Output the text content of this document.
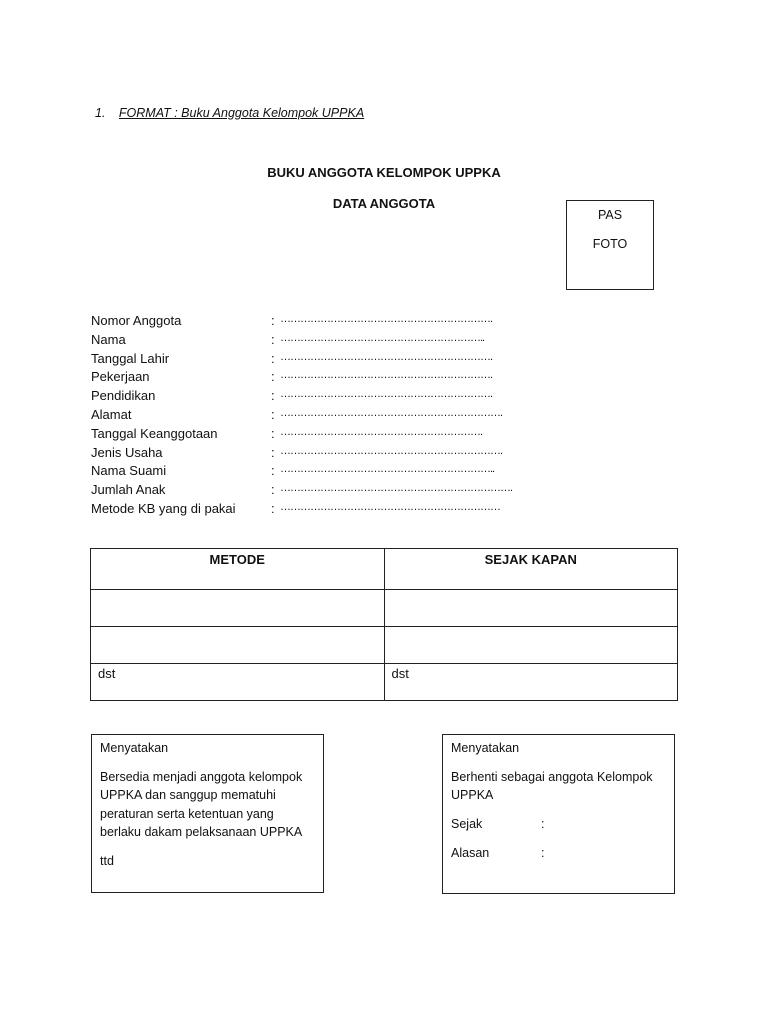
1. FORMAT : Buku Anggota Kelompok UPPKA
BUKU ANGGOTA KELOMPOK UPPKA
DATA ANGGOTA
PAS
FOTO
Nomor Anggota	: ……………………………………………………….
Nama	: ……………………………………………………..
Tanggal Lahir	: ……………………………………………………….
Pekerjaan	: ……………………………………………………….
Pendidikan	: ……………………………………………………….
Alamat	: ………………………………………………………….
Tanggal Keanggotaan	: …………………………………………………….
Jenis Usaha	: ………………………………………………………….
Nama Suami	: ………………………………………………………..
Jumlah Anak	: …………………………………………………………….
Metode KB yang di pakai	: …………………………………………………………
METODE	SEJAK KAPAN

dst	dst

Menyatakan

Bersedia menjadi anggota kelompok UPPKA dan sanggup mematuhi peraturan serta ketentuan yang berlaku dakam pelaksanaan UPPKA

ttd

Menyatakan

Berhenti sebagai anggota Kelompok UPPKA

Sejak	:
Alasan	:
